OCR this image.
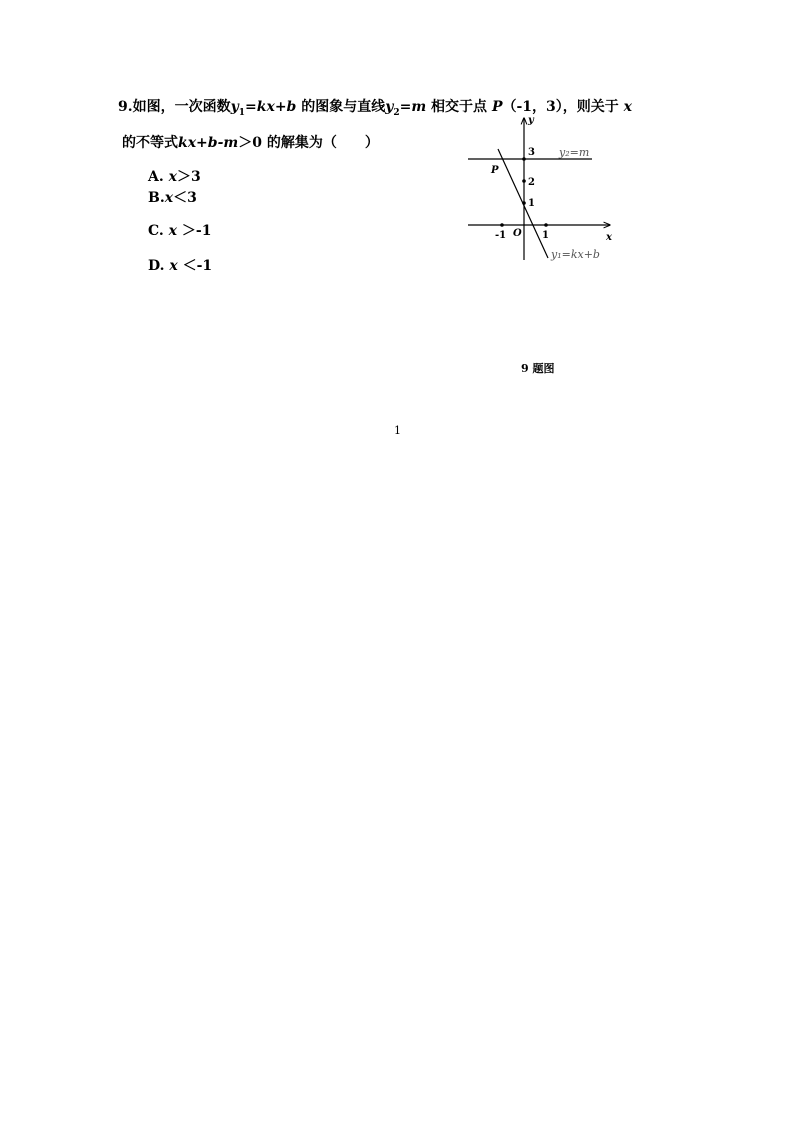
9.如图，一次函数$y_1=kx+b$ 的图象与直线$y_2=m$ 相交于点 P（-1，3），则关于 x
的不等式kx+b-m＞0 的解集为（　　）
A. x＞3
B.x＜3
C. x ＞-1
D. x ＜-1
y
x
O
P
3
2
1
-1	1
y₂=m
y₁=kx+b
9 题图
1
